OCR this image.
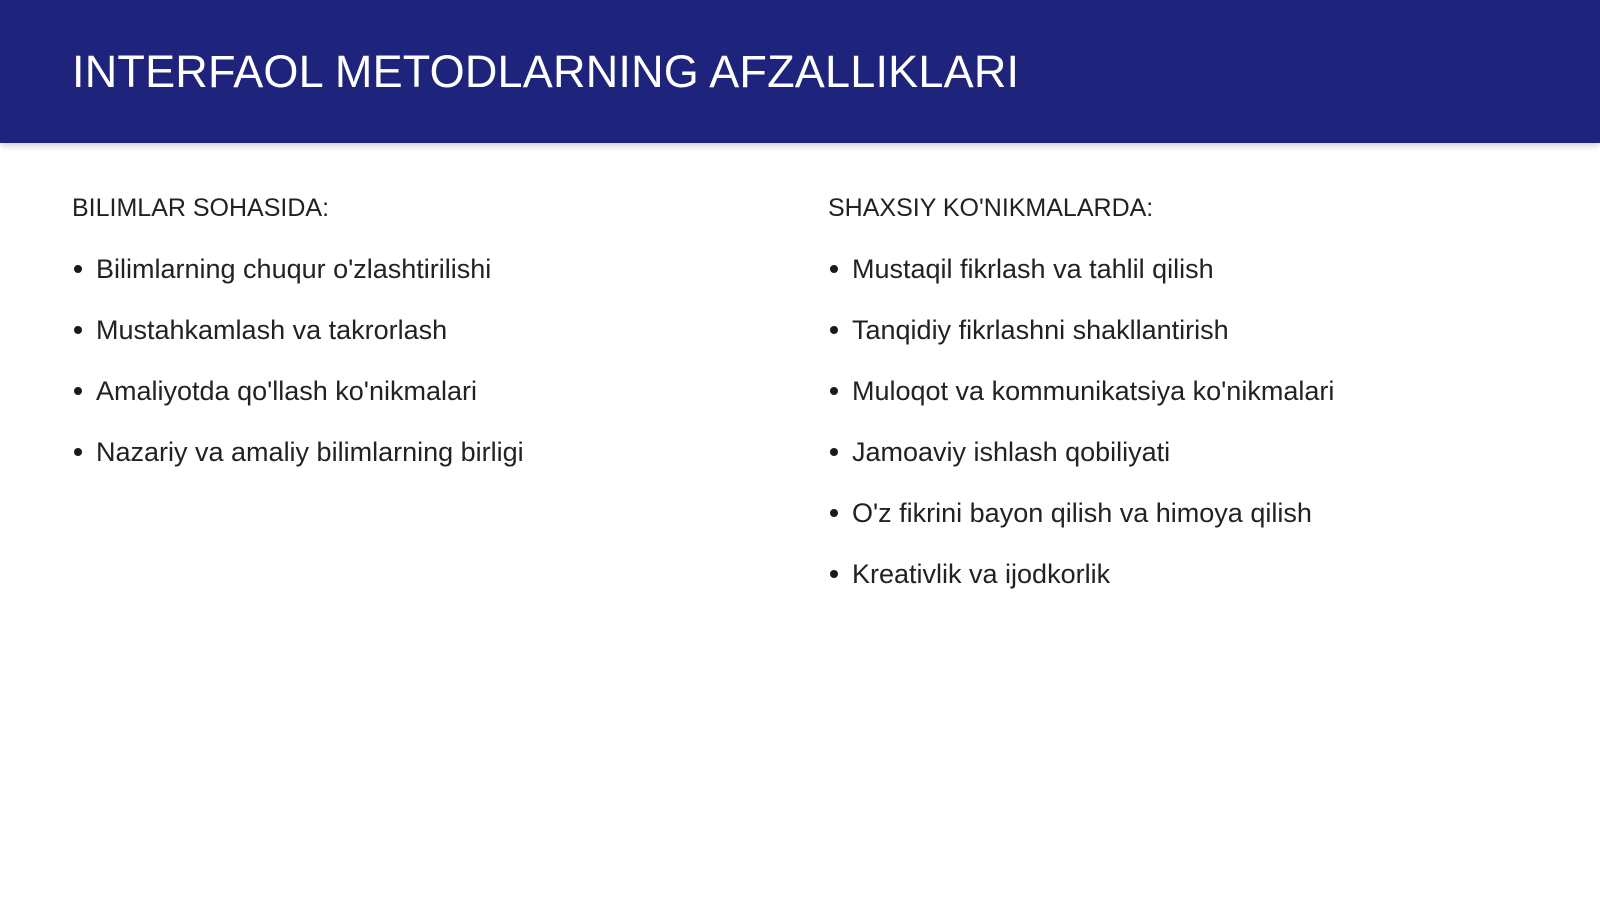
INTERFAOL METODLARNING AFZALLIKLARI
BILIMLAR SOHASIDA:
Bilimlarning chuqur o'zlashtirilishi
Mustahkamlash va takrorlash
Amaliyotda qo'llash ko'nikmalari
Nazariy va amaliy bilimlarning birligi
SHAXSIY KO'NIKMALARDA:
Mustaqil fikrlash va tahlil qilish
Tanqidiy fikrlashni shakllantirish
Muloqot va kommunikatsiya ko'nikmalari
Jamoaviy ishlash qobiliyati
O'z fikrini bayon qilish va himoya qilish
Kreativlik va ijodkorlik
